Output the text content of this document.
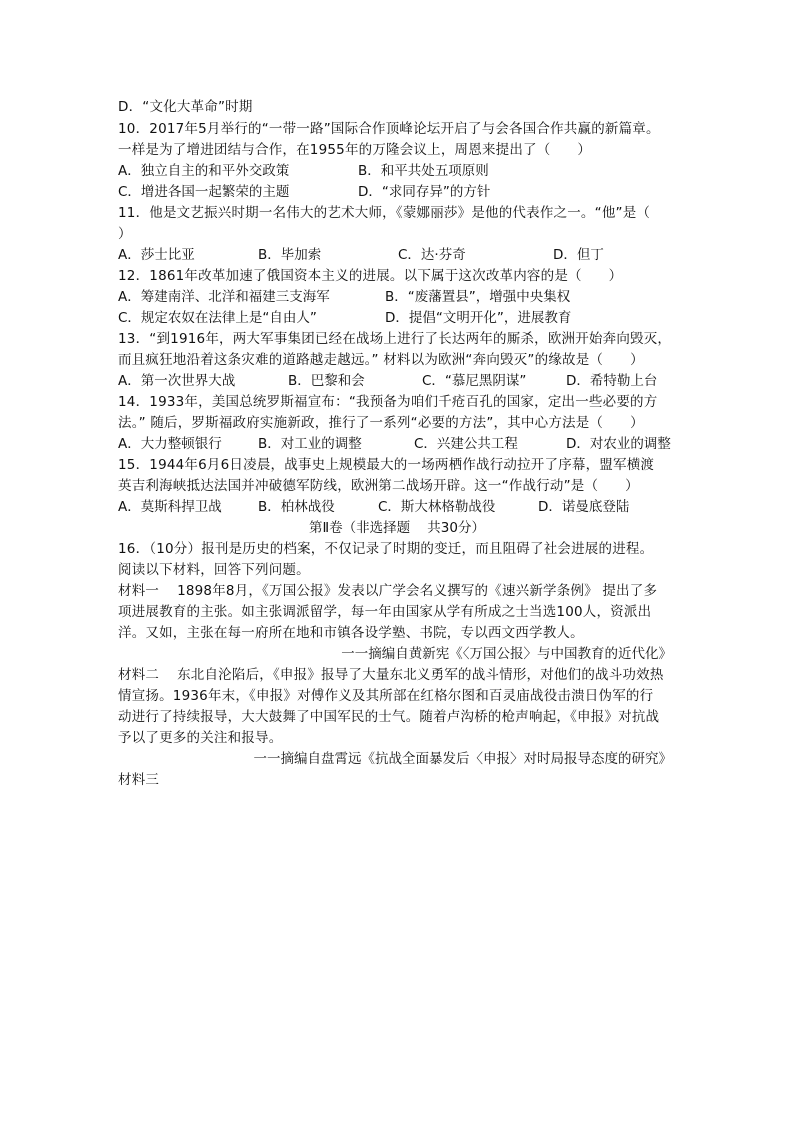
D．“文化大革命”时期
10．2017年5月举行的“一带一路”国际合作顶峰论坛开启了与会各国合作共赢的新篇章。
一样是为了增进团结与合作，在1955年的万隆会议上，周恩来提出了（      ）
A．独立自主的和平外交政策	B．和平共处五项原则
C．增进各国一起繁荣的主题	D．“求同存异”的方针
11．他是文艺振兴时期一名伟大的艺术大师，《蒙娜丽莎》是他的代表作之一。“他”是（
）
A．莎士比亚	B．毕加索	C．达·芬奇	D．但丁
12．1861年改革加速了俄国资本主义的进展。以下属于这次改革内容的是（      ）
A．筹建南洋、北洋和福建三支海军	B．“废藩置县”，增强中央集权
C．规定农奴在法律上是“自由人”	D．提倡“文明开化”，进展教育
13．“到1916年，两大军事集团已经在战场上进行了长达两年的厮杀，欧洲开始奔向毁灭，
而且疯狂地沿着这条灾难的道路越走越远。” 材料以为欧洲“奔向毁灭”的缘故是（      ）
A．第一次世界大战	B．巴黎和会	C．“慕尼黑阴谋”	D．希特勒上台
14．1933年，美国总统罗斯福宣布：“我预备为咱们千疮百孔的国家，定出一些必要的方
法。” 随后，罗斯福政府实施新政，推行了一系列“必要的方法”，其中心方法是（      ）
A．大力整顿银行	B．对工业的调整	C．兴建公共工程	D．对农业的调整
15．1944年6月6日凌晨，战事史上规模最大的一场两栖作战行动拉开了序幕，盟军横渡
英吉利海峡抵达法国并冲破德军防线，欧洲第二战场开辟。这一“作战行动”是（      ）
A．莫斯科捍卫战	B．柏林战役	C．斯大林格勒战役	D．诺曼底登陆
第Ⅱ卷（非选择题    共30分）
16．（10分）报刊是历史的档案，不仅记录了时期的变迁，而且阻碍了社会进展的进程。
阅读以下材料，回答下列问题。
材料一    1898年8月，《万国公报》发表以广学会名义撰写的《速兴新学条例》 提出了多
项进展教育的主张。如主张调派留学，每一年由国家从学有所成之士当选100人，资派出
洋。又如，主张在每一府所在地和市镇各设学塾、书院，专以西文西学教人。
一一摘编自黄新宪《〈万国公报〉与中国教育的近代化》
材料二    东北自沦陷后，《申报》报导了大量东北义勇军的战斗情形，对他们的战斗功效热
情宣扬。1936年末，《申报》对傅作义及其所部在红格尔图和百灵庙战役击溃日伪军的行
动进行了持续报导，大大鼓舞了中国军民的士气。随着卢沟桥的枪声响起，《申报》对抗战
予以了更多的关注和报导。
一一摘编自盘霄远《抗战全面暴发后〈申报〉对时局报导态度的研究》
材料三
